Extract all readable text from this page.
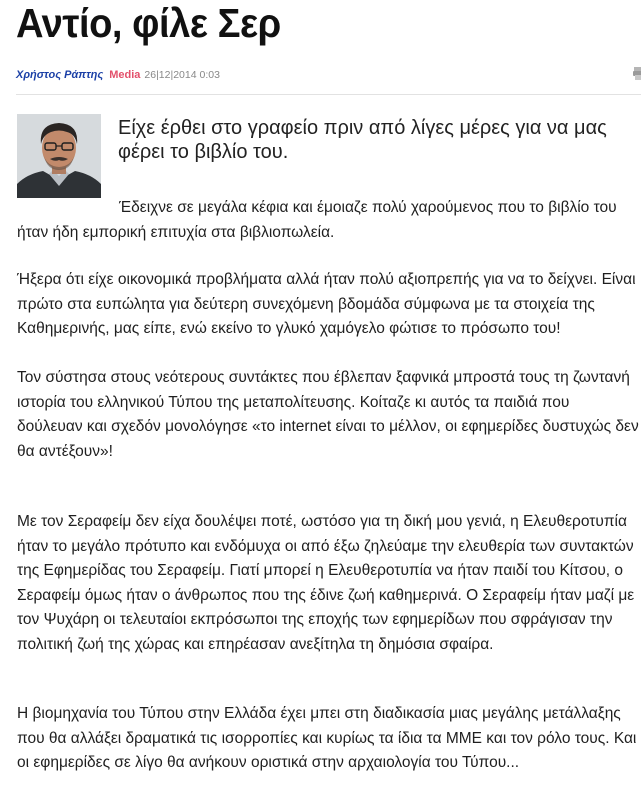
Αντίο, φίλε Σερ
Χρήστος Ράπτης Media 26|12|2014 0:03

Είχε έρθει στο γραφείο πριν από λίγες μέρες για να μας φέρει το βιβλίο του.

Έδειχνε σε μεγάλα κέφια και έμοιαζε πολύ χαρούμενος που το βιβλίο του ήταν ήδη εμπορική επιτυχία στα βιβλιοπωλεία.

Ήξερα ότι είχε οικονομικά προβλήματα αλλά ήταν πολύ αξιοπρεπής για να το δείχνει. Είναι πρώτο στα ευπώλητα για δεύτερη συνεχόμενη βδομάδα σύμφωνα με τα στοιχεία της Καθημερινής, μας είπε, ενώ εκείνο το γλυκό χαμόγελο φώτισε το πρόσωπο του!

Τον σύστησα στους νεότερους συντάκτες που έβλεπαν ξαφνικά μπροστά τους τη ζωντανή ιστορία του ελληνικού Τύπου της μεταπολίτευσης. Κοίταζε κι αυτός τα παιδιά που δούλευαν και σχεδόν μονολόγησε «το internet είναι το μέλλον, οι εφημερίδες δυστυχώς δεν θα αντέξουν»!

Με τον Σεραφείμ δεν είχα δουλέψει ποτέ, ωστόσο για τη δική μου γενιά, η Ελευθεροτυπία ήταν το μεγάλο πρότυπο και ενδόμυχα οι από έξω ζηλεύαμε την ελευθερία των συντακτών της Εφημερίδας του Σεραφείμ. Γιατί μπορεί η Ελευθεροτυπία να ήταν παιδί του Κίτσου, ο Σεραφείμ όμως ήταν ο άνθρωπος που της έδινε ζωή καθημερινά. Ο Σεραφείμ ήταν μαζί με τον Ψυχάρη οι τελευταίοι εκπρόσωποι της εποχής των εφημερίδων που σφράγισαν την πολιτική ζωή της χώρας και επηρέασαν ανεξίτηλα τη δημόσια σφαίρα.

Η βιομηχανία του Τύπου στην Ελλάδα έχει μπει στη διαδικασία μιας μεγάλης μετάλλαξης που θα αλλάξει δραματικά τις ισορροπίες και κυρίως τα ίδια τα ΜΜΕ και τον ρόλο τους. Και οι εφημερίδες σε λίγο θα ανήκουν οριστικά στην αρχαιολογία του Τύπου...
